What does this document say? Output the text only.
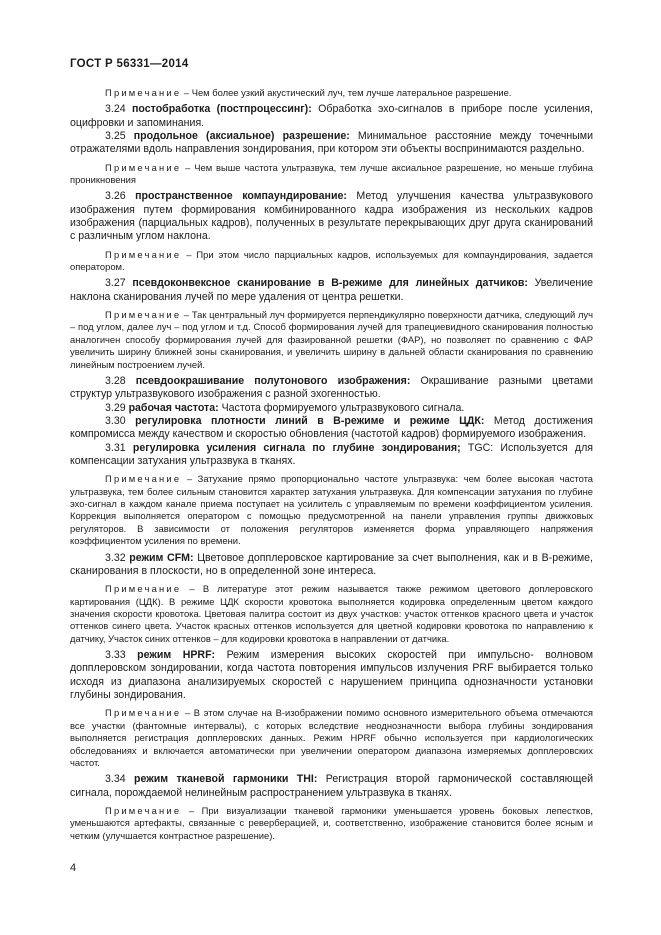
ГОСТ Р 56331—2014

Примечание – Чем более узкий акустический луч, тем лучше латеральное разрешение.

3.24 постобработка (постпроцессинг): Обработка эхо-сигналов в приборе после усиления, оцифровки и запоминания.

3.25 продольное (аксиальное) разрешение: Минимальное расстояние между точечными отражателями вдоль направления зондирования, при котором эти объекты воспринимаются раздельно.

Примечание – Чем выше частота ультразвука, тем лучше аксиальное разрешение, но меньше глубина проникновения

3.26 пространственное компаундирование: Метод улучшения качества ультразвукового изображения путем формирования комбинированного кадра изображения из нескольких кадров изображения (парциальных кадров), полученных в результате перекрывающих друг друга сканирований с различным углом наклона.

Примечание – При этом число парциальных кадров, используемых для компаундирования, задается оператором.

3.27 псевдоконвексное сканирование в В-режиме для линейных датчиков: Увеличение наклона сканирования лучей по мере удаления от центра решетки.

Примечание – Так центральный луч формируется перпендикулярно поверхности датчика, следующий луч – под углом, далее луч – под углом и т.д. Способ формирования лучей для трапециевидного сканирования полностью аналогичен способу формирования лучей для фазированной решетки (ФАР), но позволяет по сравнению с ФАР увеличить ширину ближней зоны сканирования, и увеличить ширину в дальней области сканирования по сравнению линейным построением лучей.

3.28 псевдоокрашивание полутонового изображения: Окрашивание разными цветами структур ультразвукового изображения с разной эхогенностью.

3.29 рабочая частота: Частота формируемого ультразвукового сигнала.

3.30 регулировка плотности линий в В-режиме и режиме ЦДК: Метод достижения компромисса между качеством и скоростью обновления (частотой кадров) формируемого изображения.

3.31 регулировка усиления сигнала по глубине зондирования; TGC: Используется для компенсации затухания ультразвука в тканях.

Примечание – Затухание прямо пропорционально частоте ультразвука: чем более высокая частота ультразвука, тем более сильным становится характер затухания ультразвука. Для компенсации затухания по глубине эхо-сигнал в каждом канале приема поступает на усилитель с управляемым по времени коэффициентом усиления. Коррекция выполняется оператором с помощью предусмотренной на панели управления группы движковых регуляторов. В зависимости от положения регуляторов изменяется форма управляющего напряжения коэффициентом усиления по времени.

3.32 режим CFM: Цветовое допплеровское картирование за счет выполнения, как и в В-режиме, сканирования в плоскости, но в определенной зоне интереса.

Примечание – В литературе этот режим называется также режимом цветового доплеровского картирования (ЦДК). В режиме ЦДК скорости кровотока выполняется кодировка определенным цветом каждого значения скорости кровотока. Цветовая палитра состоит из двух участков: участок оттенков красного цвета и участок оттенков синего цвета. Участок красных оттенков используется для цветной кодировки кровотока по направлению к датчику, Участок синих оттенков – для кодировки кровотока в направлении от датчика.

3.33 режим HPRF: Режим измерения высоких скоростей при импульсно- волновом допплеровском зондировании, когда частота повторения импульсов излучения PRF выбирается только исходя из диапазона анализируемых скоростей с нарушением принципа однозначности установки глубины зондирования.

Примечание – В этом случае на В-изображении помимо основного измерительного объема отмечаются все участки (фантомные интервалы), с которых вследствие неоднозначности выбора глубины зондирования выполняется регистрация допплеровских данных. Режим HPRF обычно используется при кардиологических обследованиях и включается автоматически при увеличении оператором диапазона измеряемых допплеровских частот.

3.34 режим тканевой гармоники THI: Регистрация второй гармонической составляющей сигнала, порождаемой нелинейным распространением ультразвука в тканях.

Примечание – При визуализации тканевой гармоники уменьшается уровень боковых лепестков, уменьшаются артефакты, связанные с реверберацией, и, соответственно, изображение становится более ясным и четким (улучшается контрастное разрешение).

4
